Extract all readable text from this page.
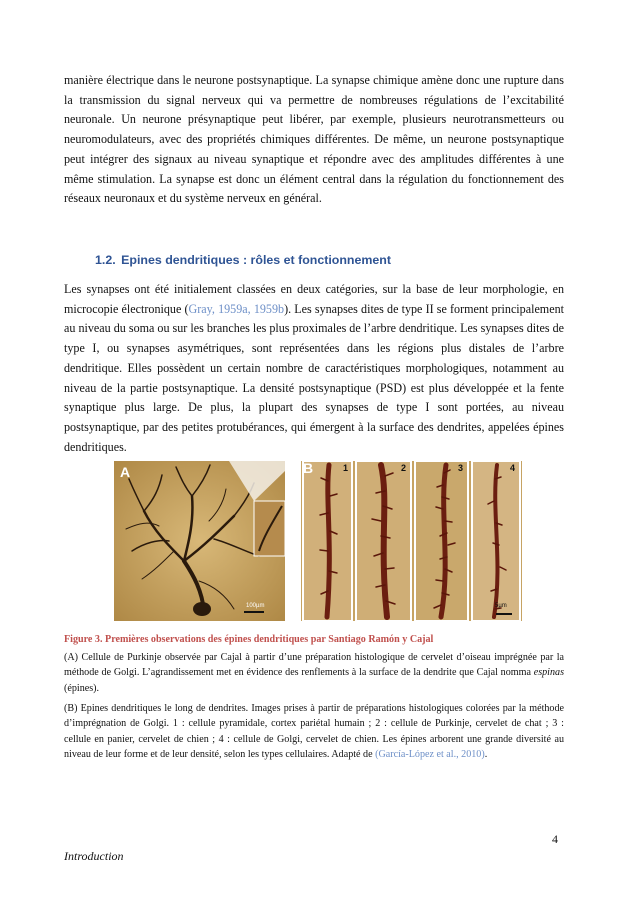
manière électrique dans le neurone postsynaptique. La synapse chimique amène donc une rupture dans la transmission du signal nerveux qui va permettre de nombreuses régulations de l’excitabilité neuronale. Un neurone présynaptique peut libérer, par exemple, plusieurs neurotransmetteurs ou neuromodulateurs, avec des propriétés chimiques différentes. De même, un neurone postsynaptique peut intégrer des signaux au niveau synaptique et répondre avec des amplitudes différentes à une même stimulation. La synapse est donc un élément central dans la régulation du fonctionnement des réseaux neuronaux et du système nerveux en général.

1.2. Epines dendritiques : rôles et fonctionnement

Les synapses ont été initialement classées en deux catégories, sur la base de leur morphologie, en microcopie électronique (Gray, 1959a, 1959b). Les synapses dites de type II se forment principalement au niveau du soma ou sur les branches les plus proximales de l’arbre dendritique. Les synapses dites de type I, ou synapses asymétriques, sont représentées dans les régions plus distales de l’arbre dendritique. Elles possèdent un certain nombre de caractéristiques morphologiques, notamment au niveau de la partie postsynaptique. La densité postsynaptique (PSD) est plus développée et la fente synaptique plus large. De plus, la plupart des synapses de type I sont portées, au niveau postsynaptique, par des petites protubérances, qui émergent à la surface des dendrites, appelées épines dendritiques.

A	B	1	2	3	4
5µm
100µm

Figure 3. Premières observations des épines dendritiques par Santiago Ramón y Cajal

(A) Cellule de Purkinje observée par Cajal à partir d’une préparation histologique de cervelet d’oiseau imprégnée par la méthode de Golgi. L’agrandissement met en évidence des renflements à la surface de la dendrite que Cajal nomma espinas (épines).

(B) Epines dendritiques le long de dendrites. Images prises à partir de préparations histologiques colorées par la méthode d’imprégnation de Golgi. 1 : cellule pyramidale, cortex pariétal humain ; 2 : cellule de Purkinje, cervelet de chat ; 3 : cellule en panier, cervelet de chien ; 4 : cellule de Golgi, cervelet de chien. Les épines arborent une grande diversité au niveau de leur forme et de leur densité, selon les types cellulaires. Adapté de (García-López et al., 2010).

4
Introduction
